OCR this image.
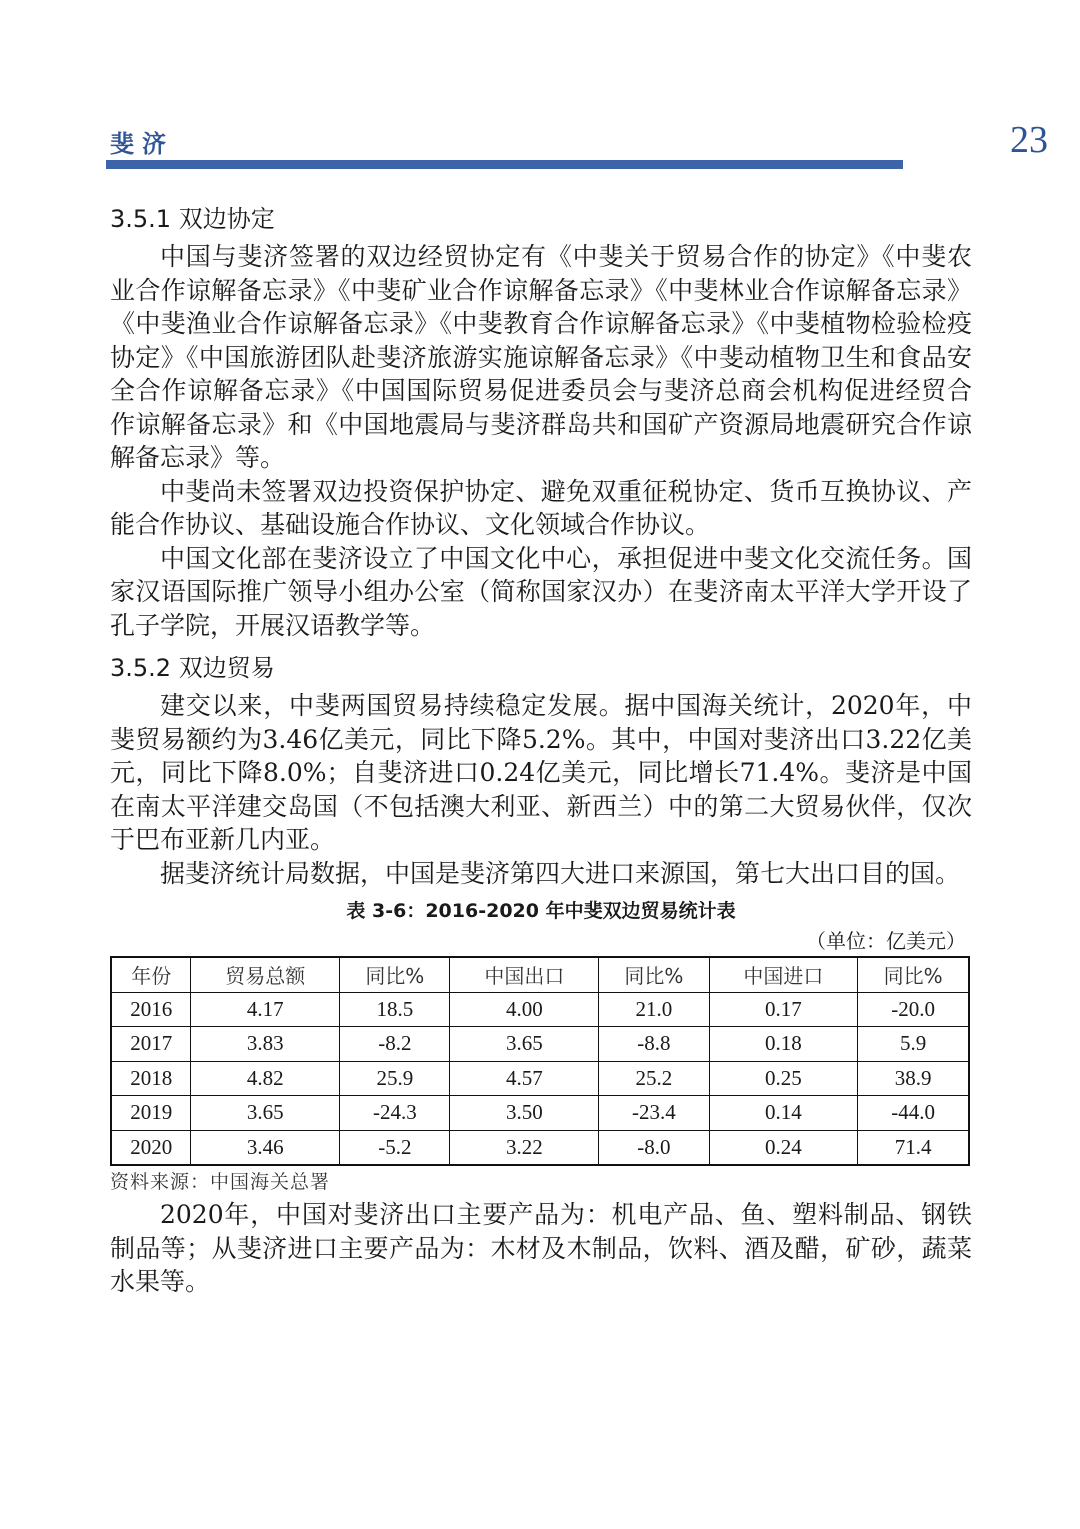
斐济	23
3.5.1 双边协定

中国与斐济签署的双边经贸协定有《中斐关于贸易合作的协定》《中斐农业合作谅解备忘录》《中斐矿业合作谅解备忘录》《中斐林业合作谅解备忘录》《中斐渔业合作谅解备忘录》《中斐教育合作谅解备忘录》《中斐植物检验检疫协定》《中国旅游团队赴斐济旅游实施谅解备忘录》《中斐动植物卫生和食品安全合作谅解备忘录》《中国国际贸易促进委员会与斐济总商会机构促进经贸合作谅解备忘录》和《中国地震局与斐济群岛共和国矿产资源局地震研究合作谅解备忘录》等。

中斐尚未签署双边投资保护协定、避免双重征税协定、货币互换协议、产能合作协议、基础设施合作协议、文化领域合作协议。

中国文化部在斐济设立了中国文化中心，承担促进中斐文化交流任务。国家汉语国际推广领导小组办公室（简称国家汉办）在斐济南太平洋大学开设了孔子学院，开展汉语教学等。

3.5.2 双边贸易

建交以来，中斐两国贸易持续稳定发展。据中国海关统计，2020年，中斐贸易额约为3.46亿美元，同比下降5.2%。其中，中国对斐济出口3.22亿美元，同比下降8.0%；自斐济进口0.24亿美元，同比增长71.4%。斐济是中国在南太平洋建交岛国（不包括澳大利亚、新西兰）中的第二大贸易伙伴，仅次于巴布亚新几内亚。

据斐济统计局数据，中国是斐济第四大进口来源国，第七大出口目的国。

表 3-6：2016-2020 年中斐双边贸易统计表
（单位：亿美元）
年份	贸易总额	同比%	中国出口	同比%	中国进口	同比%
2016	4.17	18.5	4.00	21.0	0.17	-20.0
2017	3.83	-8.2	3.65	-8.8	0.18	5.9
2018	4.82	25.9	4.57	25.2	0.25	38.9
2019	3.65	-24.3	3.50	-23.4	0.14	-44.0
2020	3.46	-5.2	3.22	-8.0	0.24	71.4
资料来源：中国海关总署

2020年，中国对斐济出口主要产品为：机电产品、鱼、塑料制品、钢铁制品等；从斐济进口主要产品为：木材及木制品，饮料、酒及醋，矿砂，蔬菜水果等。
